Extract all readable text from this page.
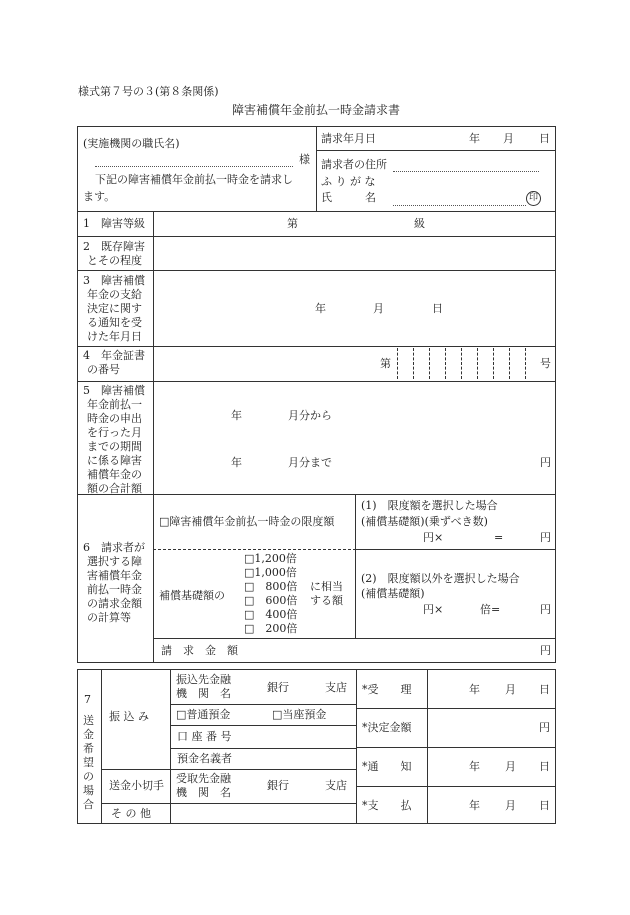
様式第７号の３(第８条関係)
障害補償年金前払一時金請求書
(実施機関の職氏名)
様
下記の障害補償年金前払一時金を請求し
ます。
請求年月日	年 月 日
請求者の住所
ふ り が な
氏　　　名	印
1　障害等級	第	級
2　既存障害
とその程度
3　障害補償
年金の支給
決定に関す
る通知を受
けた年月日
年	月	日
4　年金証書
の番号	第	号
5　障害補償
年金前払一
時金の申出
を行った月
までの期間
に係る障害
補償年金の
額の合計額
年	月分から
年	月分まで	円
6　請求者が
選択する障
害補償年金
前払一時金
の請求金額
の計算等
□障害補償年金前払一時金の限度額
補償基礎額の
□1,200倍
□1,000倍
□　800倍
□　600倍
□　400倍
□　200倍
に相当
する額
(1)　限度額を選択した場合
(補償基礎額)(乗ずべき数)
円×	=	円
(2)　限度額以外を選択した場合
(補償基礎額)
円×	倍=	円
請　求　金　額	円
7
送金希望の場合
振 込 み
振込先金融
機　関　名	銀行	支店
□普通預金	□当座預金
口 座 番 号
預金名義者
送金小切手
受取先金融
機　関　名
銀行	支店
そ の 他
*受　　理	年 月 日
*決定金額	円
*通　　知	年 月 日
*支　　払	年 月 日
